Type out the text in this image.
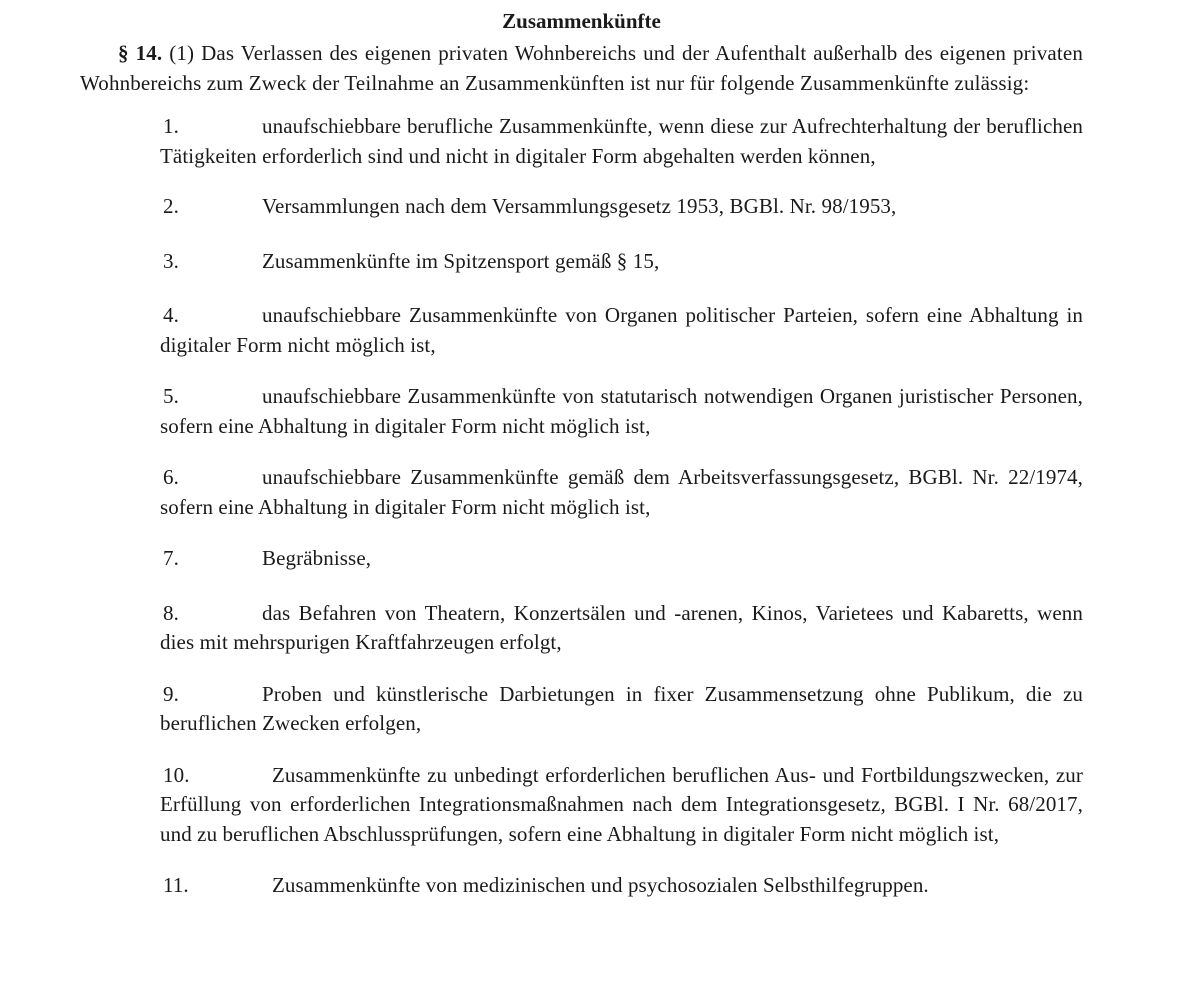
Zusammenkünfte

§ 14. (1) Das Verlassen des eigenen privaten Wohnbereichs und der Aufenthalt außerhalb des eigenen privaten Wohnbereichs zum Zweck der Teilnahme an Zusammenkünften ist nur für folgende Zusammenkünfte zulässig:

1.	unaufschiebbare berufliche Zusammenkünfte, wenn diese zur Aufrechterhaltung der beruflichen Tätigkeiten erforderlich sind und nicht in digitaler Form abgehalten werden können,

2.	Versammlungen nach dem Versammlungsgesetz 1953, BGBl. Nr. 98/1953,

3.	Zusammenkünfte im Spitzensport gemäß § 15,

4.	unaufschiebbare Zusammenkünfte von Organen politischer Parteien, sofern eine Abhaltung in digitaler Form nicht möglich ist,

5.	unaufschiebbare Zusammenkünfte von statutarisch notwendigen Organen juristischer Personen, sofern eine Abhaltung in digitaler Form nicht möglich ist,

6.	unaufschiebbare Zusammenkünfte gemäß dem Arbeitsverfassungsgesetz, BGBl. Nr. 22/1974, sofern eine Abhaltung in digitaler Form nicht möglich ist,

7.	Begräbnisse,

8.	das Befahren von Theatern, Konzertsälen und -arenen, Kinos, Varietees und Kabaretts, wenn dies mit mehrspurigen Kraftfahrzeugen erfolgt,

9.	Proben und künstlerische Darbietungen in fixer Zusammensetzung ohne Publikum, die zu beruflichen Zwecken erfolgen,

10.	Zusammenkünfte zu unbedingt erforderlichen beruflichen Aus- und Fortbildungszwecken, zur Erfüllung von erforderlichen Integrationsmaßnahmen nach dem Integrationsgesetz, BGBl. I Nr. 68/2017, und zu beruflichen Abschlussprüfungen, sofern eine Abhaltung in digitaler Form nicht möglich ist,

11.	Zusammenkünfte von medizinischen und psychosozialen Selbsthilfegruppen.
